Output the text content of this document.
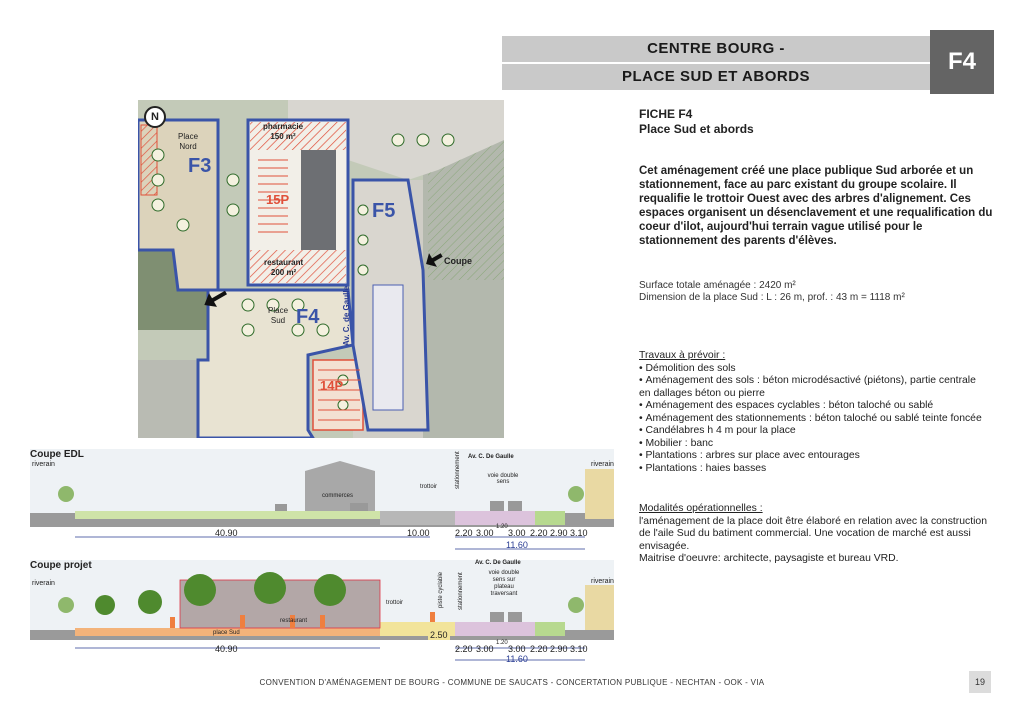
CENTRE BOURG -
PLACE SUD ET ABORDS
F4
N
Place
Nord
F3
pharmacie
150 m²
15P
restaurant
200 m²
Place
Sud F4
F5
Coupe
14P
Av. C. de Gaulle
FICHE F4
Place Sud et abords
Cet aménagement créé une place publique Sud arborée et un stationnement, face au parc existant du groupe scolaire. Il requalifie le trottoir Ouest avec des arbres d'alignement. Ces espaces organisent un désenclavement et une requalification du coeur d'ilot, aujourd'hui terrain vague utilisé pour le stationnement des parents d'élèves.
Surface totale aménagée : 2420 m²
Dimension de la place Sud : L : 26 m, prof. : 43 m = 1118 m²
Travaux à prévoir :
• Démolition des sols
• Aménagement des sols : béton microdésactivé (piétons), partie centrale en dallages béton ou pierre
• Aménagement des espaces cyclables : béton taloché ou sablé
• Aménagement des stationnements : béton taloché ou sablé teinte foncée
• Candélabres h 4 m pour la place
• Mobilier : banc
• Plantations : arbres sur place avec entourages
• Plantations : haies basses
Modalités opérationnelles :
l'aménagement de la place doit être élaboré en relation avec la construction de l'aile Sud du batiment commercial. Une vocation de marché est aussi envisagée.
Maitrise d'oeuvre: architecte, paysagiste et bureau VRD.
Coupe EDL
riverain	riverain
commerces
trottoir	stationnement Av. C. De Gaulle
voie double sens
40.90	10.00	2.20 3.00
1.20
3.00 2.20 2.90 3.10
11.60
Coupe projet
riverain	riverain
restaurant
place Sud
trottoir	piste cyclable stationnement
Av. C. De Gaulle
voie double sens sur plateau traversant
40.90
2.50
2.20 3.00
1.20
3.00 2.20 2.90 3.10
11.60
CONVENTION D'AMÉNAGEMENT DE BOURG - COMMUNE DE SAUCATS - CONCERTATION PUBLIQUE - NECHTAN - OOK - VIA	19
